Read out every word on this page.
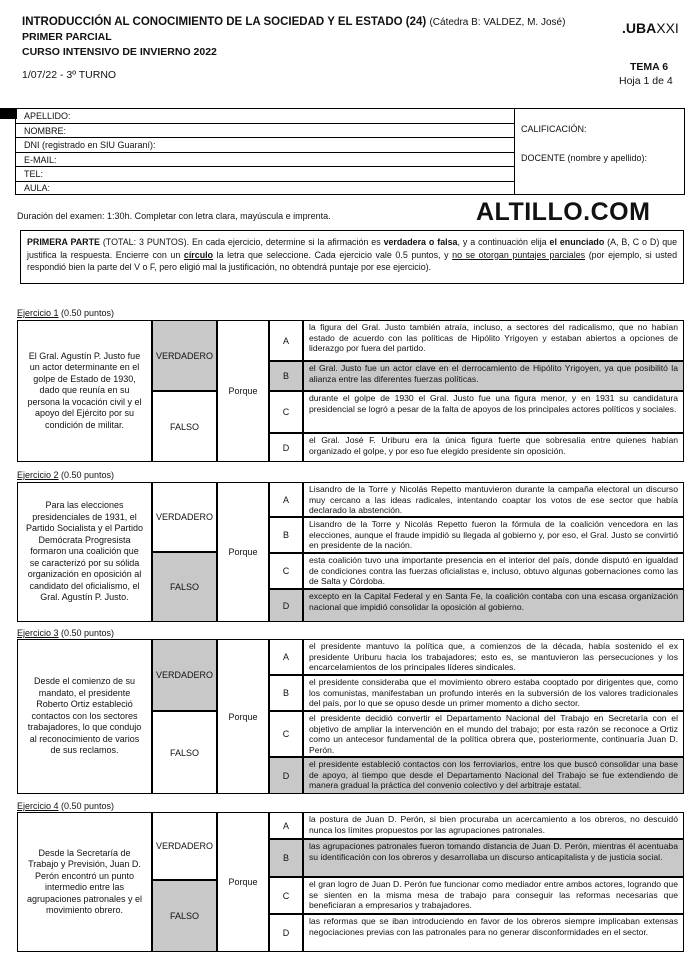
INTRODUCCIÓN AL CONOCIMIENTO DE LA SOCIEDAD Y EL ESTADO (24) (Cátedra B: VALDEZ, M. José)
PRIMER PARCIAL
CURSO INTENSIVO DE INVIERNO 2022
.UBAXXI
1/07/22 - 3º TURNO
TEMA 6
Hoja 1 de 4
APELLIDO:
NOMBRE:
DNI (registrado en SIU Guaraní):
E-MAIL:
TEL:
AULA:
CALIFICACIÓN:
DOCENTE (nombre y apellido):
Duración del examen: 1:30h. Completar con letra clara, mayúscula e imprenta.	ALTILLO.COM
PRIMERA PARTE (TOTAL: 3 PUNTOS). En cada ejercicio, determine si la afirmación es verdadera o falsa, y a continuación elija el enunciado (A, B, C o D) que justifica la respuesta. Encierre con un círculo la letra que seleccione. Cada ejercicio vale 0.5 puntos, y no se otorgan puntajes parciales (por ejemplo, si usted respondió bien la parte del V o F, pero eligió mal la justificación, no obtendrá puntaje por ese ejercicio).
Ejercicio 1 (0.50 puntos)
El Gral. Agustín P. Justo fue un actor determinante en el golpe de Estado de 1930, dado que reunía en su persona la vocación civil y el apoyo del Ejército por su condición de militar.
VERDADERO
FALSO
Porque
A
la figura del Gral. Justo también atraía, incluso, a sectores del radicalismo, que no habían estado de acuerdo con las políticas de Hipólito Yrigoyen y estaban abiertos a opciones de liderazgo por fuera del partido.
B
el Gral. Justo fue un actor clave en el derrocamiento de Hipólito Yrigoyen, ya que posibilitó la alianza entre las diferentes fuerzas políticas.
C
durante el golpe de 1930 el Gral. Justo fue una figura menor, y en 1931 su candidatura presidencial se logró a pesar de la falta de apoyos de los principales actores políticos y sociales.
D
el Gral. José F. Uriburu era la única figura fuerte que sobresalía entre quienes habían organizado el golpe, y por eso fue elegido presidente sin oposición.
Ejercicio 2 (0.50 puntos)
Para las elecciones presidenciales de 1931, el Partido Socialista y el Partido Demócrata Progresista formaron una coalición que se caracterizó por su sólida organización en oposición al candidato del oficialismo, el Gral. Agustín P. Justo.
VERDADERO
FALSO
Porque
A
Lisandro de la Torre y Nicolás Repetto mantuvieron durante la campaña electoral un discurso muy cercano a las ideas radicales, intentando coaptar los votos de ese sector que había declarado la abstención.
B
Lisandro de la Torre y Nicolás Repetto fueron la fórmula de la coalición vencedora en las elecciones, aunque el fraude impidió su llegada al gobierno y, por eso, el Gral. Justo se convirtió en presidente de la nación.
C
esta coalición tuvo una importante presencia en el interior del país, donde disputó en igualdad de condiciones contra las fuerzas oficialistas e, incluso, obtuvo algunas gobernaciones como las de Salta y Córdoba.
D
excepto en la Capital Federal y en Santa Fe, la coalición contaba con una escasa organización nacional que impidió consolidar la oposición al gobierno.
Ejercicio 3 (0.50 puntos)
Desde el comienzo de su mandato, el presidente Roberto Ortiz estableció contactos con los sectores trabajadores, lo que condujo al reconocimiento de varios de sus reclamos.
VERDADERO
FALSO
Porque
A
el presidente mantuvo la política que, a comienzos de la década, había sostenido el ex presidente Uriburu hacia los trabajadores; esto es, se mantuvieron las persecuciones y los encarcelamientos de los principales líderes sindicales.
B
el presidente consideraba que el movimiento obrero estaba cooptado por dirigentes que, como los comunistas, manifestaban un profundo interés en la subversión de los valores tradicionales del país, por lo que se opuso desde un primer momento a dicho sector.
C
el presidente decidió convertir el Departamento Nacional del Trabajo en Secretaría con el objetivo de ampliar la intervención en el mundo del trabajo; por esta razón se reconoce a Ortiz como un antecesor fundamental de la política obrera que, posteriormente, continuaría Juan D. Perón.
D
el presidente estableció contactos con los ferroviarios, entre los que buscó consolidar una base de apoyo, al tiempo que desde el Departamento Nacional del Trabajo se fue extendiendo de manera gradual la práctica del convenio colectivo y del arbitraje estatal.
Ejercicio 4 (0.50 puntos)
Desde la Secretaría de Trabajo y Previsión, Juan D. Perón encontró un punto intermedio entre las agrupaciones patronales y el movimiento obrero.
VERDADERO
FALSO
Porque
A
la postura de Juan D. Perón, si bien procuraba un acercamiento a los obreros, no descuidó nunca los límites propuestos por las agrupaciones patronales.
B
las agrupaciones patronales fueron tomando distancia de Juan D. Perón, mientras él acentuaba su identificación con los obreros y desarrollaba un discurso anticapitalista y de justicia social.
C
el gran logro de Juan D. Perón fue funcionar como mediador entre ambos actores, logrando que se sienten en la misma mesa de trabajo para conseguir las reformas necesarias que beneficiaran a empresarios y trabajadores.
D
las reformas que se iban introduciendo en favor de los obreros siempre implicaban extensas negociaciones previas con las patronales para no generar disconformidades en el sector.
